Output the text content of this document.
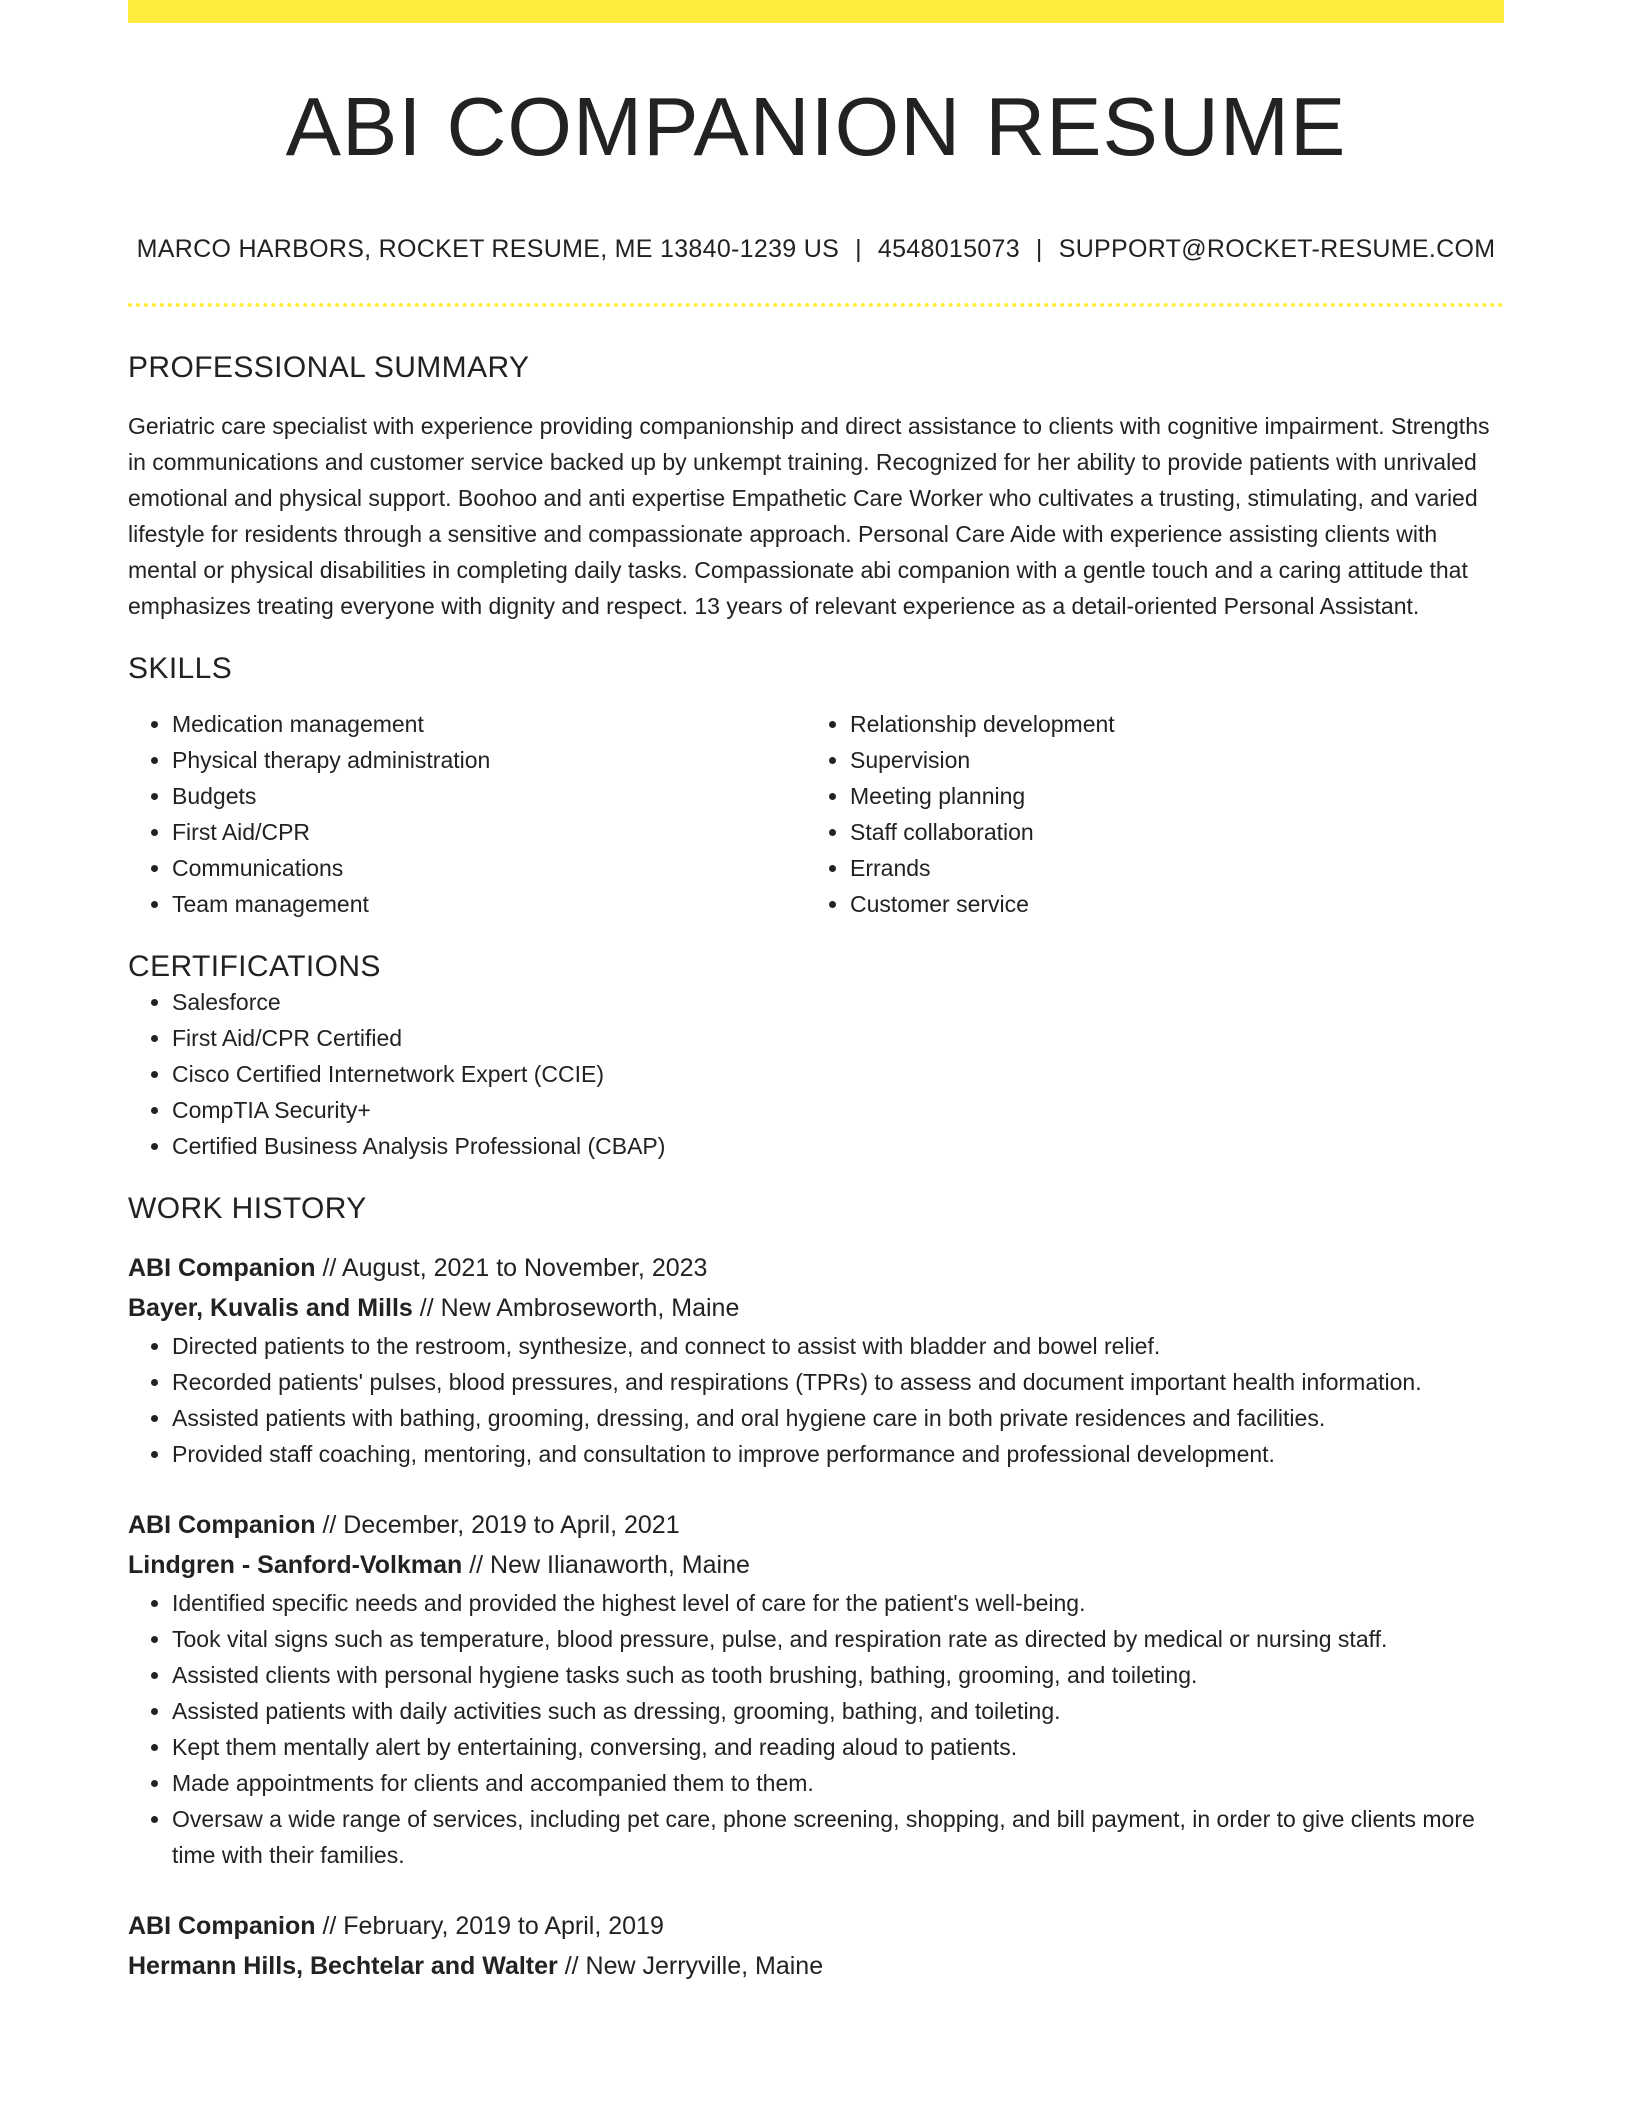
ABI COMPANION RESUME
MARCO HARBORS, ROCKET RESUME, ME 13840-1239 US | 4548015073 | SUPPORT@ROCKET-RESUME.COM
PROFESSIONAL SUMMARY
Geriatric care specialist with experience providing companionship and direct assistance to clients with cognitive impairment. Strengths in communications and customer service backed up by unkempt training. Recognized for her ability to provide patients with unrivaled emotional and physical support. Boohoo and anti expertise Empathetic Care Worker who cultivates a trusting, stimulating, and varied lifestyle for residents through a sensitive and compassionate approach. Personal Care Aide with experience assisting clients with mental or physical disabilities in completing daily tasks. Compassionate abi companion with a gentle touch and a caring attitude that emphasizes treating everyone with dignity and respect. 13 years of relevant experience as a detail-oriented Personal Assistant.
SKILLS
• Medication management
• Physical therapy administration
• Budgets
• First Aid/CPR
• Communications
• Team management
• Relationship development
• Supervision
• Meeting planning
• Staff collaboration
• Errands
• Customer service
CERTIFICATIONS
• Salesforce
• First Aid/CPR Certified
• Cisco Certified Internetwork Expert (CCIE)
• CompTIA Security+
• Certified Business Analysis Professional (CBAP)
WORK HISTORY
ABI Companion // August, 2021 to November, 2023
Bayer, Kuvalis and Mills // New Ambroseworth, Maine
• Directed patients to the restroom, synthesize, and connect to assist with bladder and bowel relief.
• Recorded patients' pulses, blood pressures, and respirations (TPRs) to assess and document important health information.
• Assisted patients with bathing, grooming, dressing, and oral hygiene care in both private residences and facilities.
• Provided staff coaching, mentoring, and consultation to improve performance and professional development.
ABI Companion // December, 2019 to April, 2021
Lindgren - Sanford-Volkman // New Ilianaworth, Maine
• Identified specific needs and provided the highest level of care for the patient's well-being.
• Took vital signs such as temperature, blood pressure, pulse, and respiration rate as directed by medical or nursing staff.
• Assisted clients with personal hygiene tasks such as tooth brushing, bathing, grooming, and toileting.
• Assisted patients with daily activities such as dressing, grooming, bathing, and toileting.
• Kept them mentally alert by entertaining, conversing, and reading aloud to patients.
• Made appointments for clients and accompanied them to them.
• Oversaw a wide range of services, including pet care, phone screening, shopping, and bill payment, in order to give clients more time with their families.
ABI Companion // February, 2019 to April, 2019
Hermann Hills, Bechtelar and Walter // New Jerryville, Maine
